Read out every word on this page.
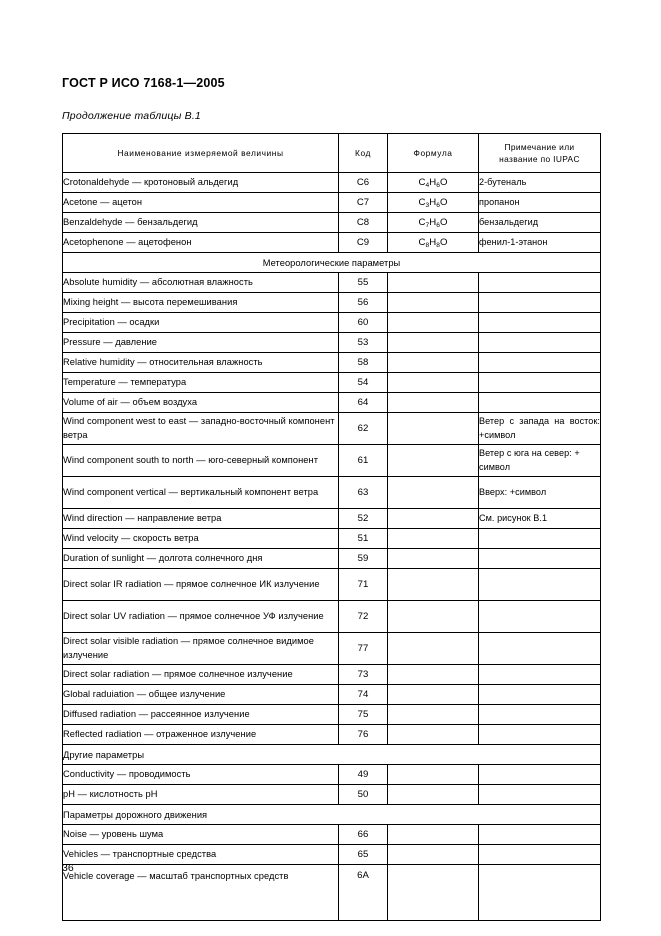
ГОСТ Р ИСО 7168-1—2005
Продолжение таблицы В.1
Наименование измеряемой величины	Код	Формула	Примечание или
название по IUPAC
Crotonaldehyde — кротоновый альдегид	C6	$C_4H_6O$	2-бутеналь
Acetone — ацетон	C7	$C_3H_6O$	пропанон
Benzaldehyde — бензальдегид	C8	$C_7H_6O$	бензальдегид
Acetophenone — ацетофенон	C9	$C_8H_8O$	фенил-1-этанон
Метеорологические параметры			
Absolute humidity — абсолютная влажность	55		
Mixing height — высота перемешивания	56		
Precipitation — осадки	60		
Pressure — давление	53		
Relative humidity — относительная влажность	58		
Temperature — температура	54		
Volume of air — объем воздуха	64		
Wind component west to east — западно-восточный компонент ветра	62		Ветер с запада на восток: +символ
Wind component south to north — юго-северный компонент	61		Ветер с юга на север: + символ
Wind component vertical — вертикальный компонент ветра	63		Вверх: +символ
Wind direction — направление ветра	52		См. рисунок В.1
Wind velocity — скорость ветра	51		
Duration of sunlight — долгота солнечного дня	59		
Direct solar IR radiation — прямое солнечное ИК излучение	71		
Direct solar UV radiation — прямое солнечное УФ излучение	72		
Direct solar visible radiation — прямое солнечное видимое излучение	77		
Direct solar radiation — прямое солнечное излучение	73		
Global raduiation — общее излучение	74		
Diffused radiation — рассеянное излучение	75		
Reflected radiation — отраженное излучение	76		
Другие параметры			
Conductivity — проводимость	49		
pH — кислотность pH	50		
Параметры дорожного движения			
Noise — уровень шума	66		
Vehicles — транспортные средства	65		
Vehicle coverage — масштаб транспортных средств	6A		
36
